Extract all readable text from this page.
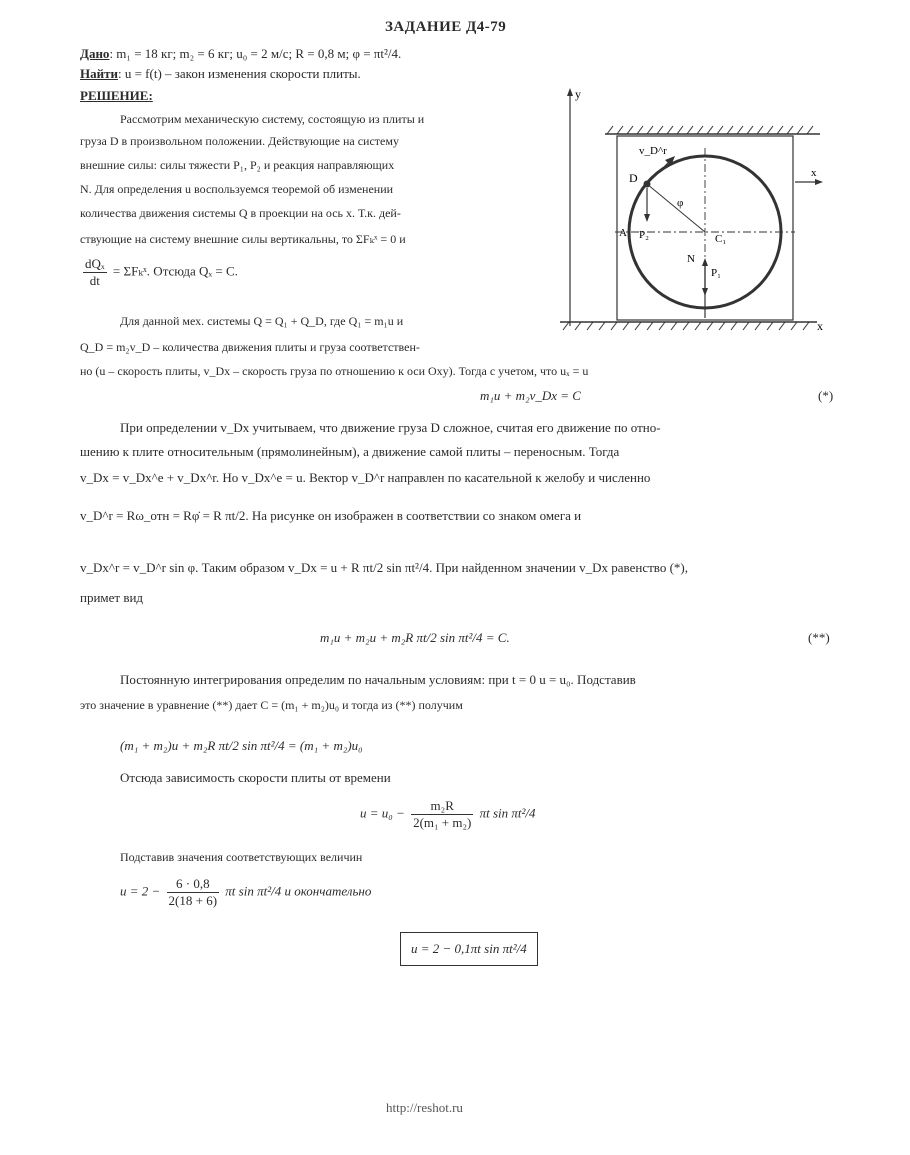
ЗАДАНИЕ Д4-79
Дано: m₁ = 18 кг; m₂ = 6 кг; u₀ = 2 м/с; R = 0,8 м; φ = πt²/4.
Найти: u = f(t) – закон изменения скорости плиты.
РЕШЕНИЕ:
Рассмотрим механическую систему, состоящую из плиты и
груза D в произвольном положении. Действующие на систему
внешние силы: силы тяжести P₁, P₂ и реакция направляющих
N. Для определения u воспользуемся теоремой об изменении
количества движения системы Q в проекции на ось x. Т.к. дей-
ствующие на систему внешние силы вертикальны, то ΣFₖˣ = 0 и
$\frac{\text{dQₓ}}{dt}$ = ΣFₖˣ. Отсюда Qₓ = C.
Для данной мех. системы Q = Q₁ + Q_D, где Q₁ = m₁u и
Q_D = m₂v_D – количества движения плиты и груза соответствен-
но (u – скорость плиты, v_Dx – скорость груза по отношению к оси Oxy). Тогда с учетом, что uₓ = u
m₁u + m₂v_Dx = C	(*)
При определении v_Dx учитываем, что движение груза D сложное, считая его движение по отно-
шению к плите относительным (прямолинейным), а движение самой плиты – переносным. Тогда
v_Dx = v_Dx^e + v_Dx^r. Но v_Dx^e = u. Вектор v_D^r направлен по касательной к желобу и численно
v_D^r = Rω_отн = Rφ̇ = R πt/2. На рисунке он изображен в соответствии со знаком омега и
v_Dx^r = v_D^r sin φ. Таким образом v_Dx = u + R πt/2 sin πt²/4. При найденном значении v_Dx равенство (*),
примет вид
m₁u + m₂u + m₂R πt/2 sin πt²/4 = C.	(**)
Постоянную интегрирования определим по начальным условиям: при t = 0 u = u₀. Подставив
это значение в уравнение (**) дает C = (m₁ + m₂)u₀ и тогда из (**) получим
(m₁ + m₂)u + m₂R πt/2 sin πt²/4 = (m₁ + m₂)u₀
Отсюда зависимость скорости плиты от времени
$u = u_0 - \frac{\text{m₂R}}{\text{2(m₁ + m₂)}}$ πt sin πt²/4
Подставив значения соответствующих величин
$u = 2 - \frac{6 \cdot 0,8}{2(18 + 6)}$ πt sin πt²/4 и окончательно
u = 2 − 0,1πt sin πt²/4
http://reshot.ru
y
x
D
v_D^r
P₂
A
φ
C₁
N
P₁
x
